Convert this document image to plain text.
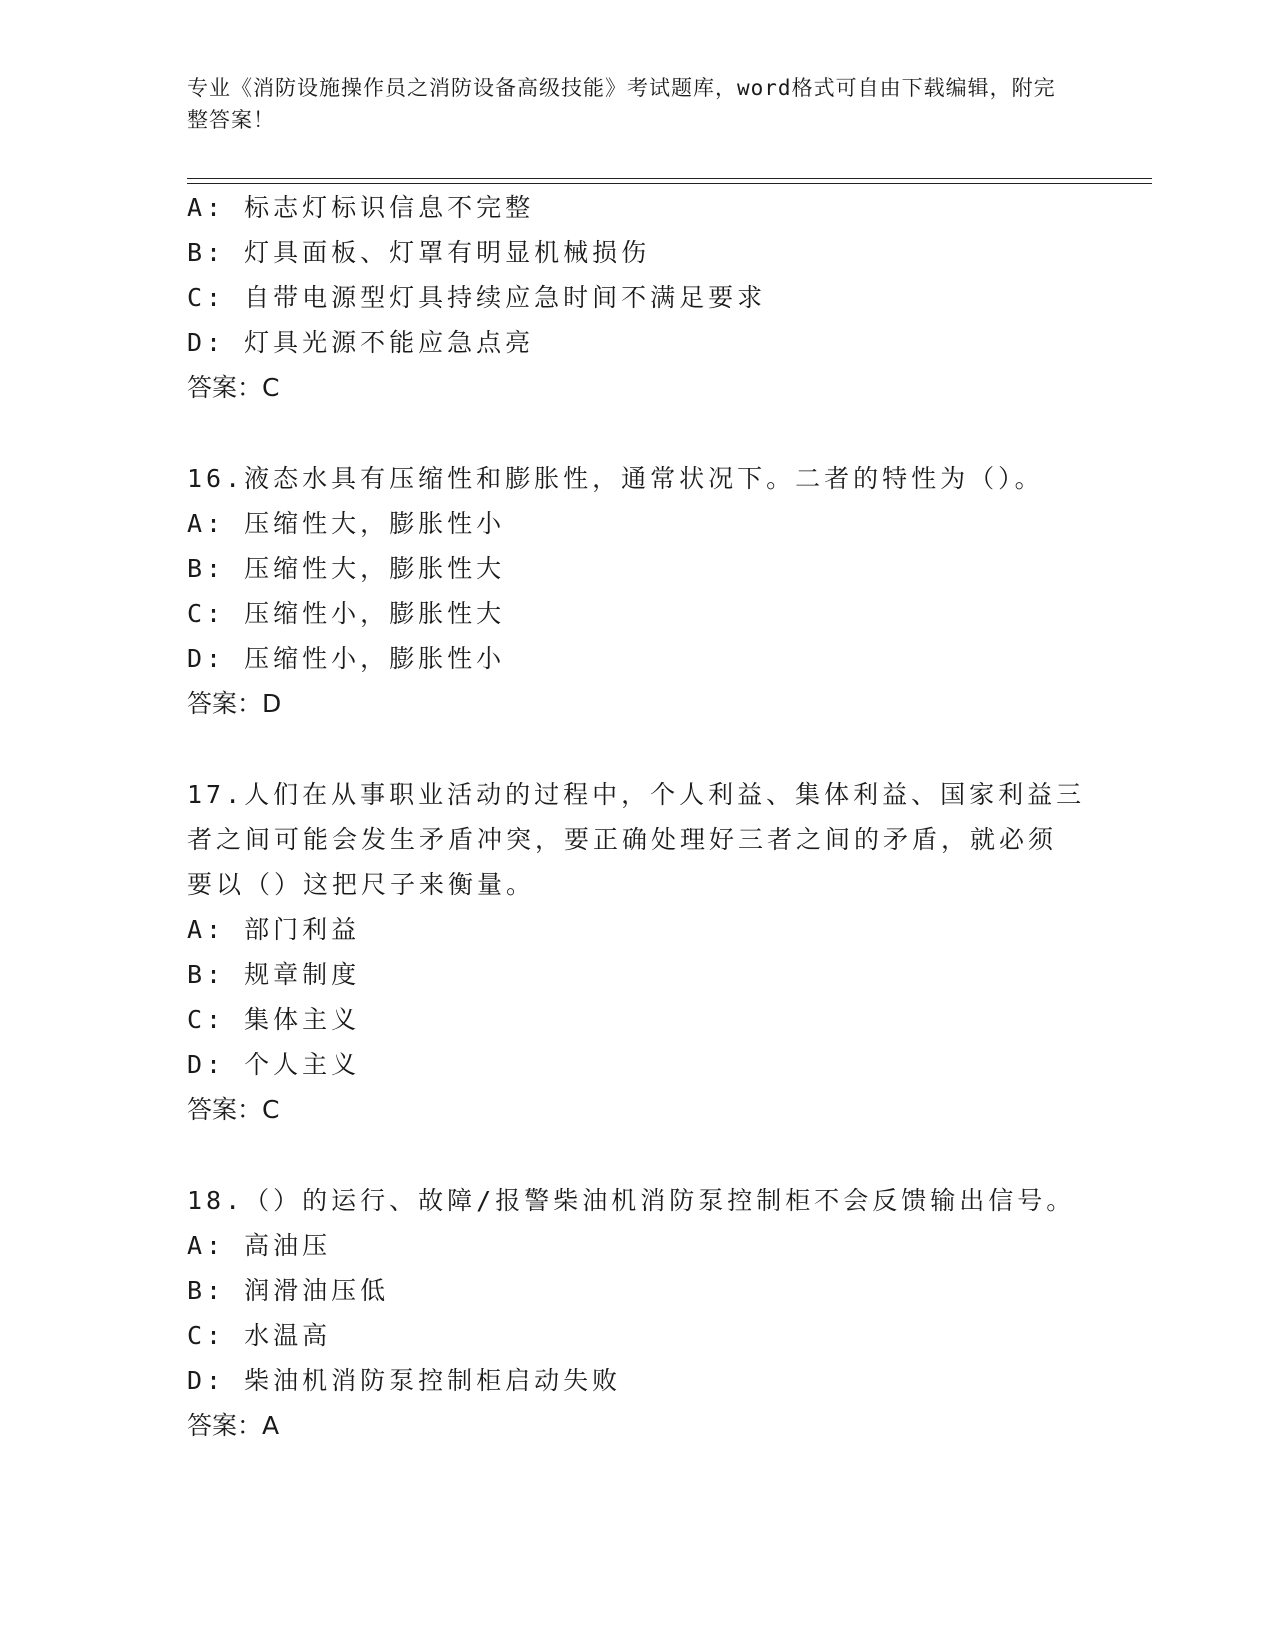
专业《消防设施操作员之消防设备高级技能》考试题库，word格式可自由下载编辑，附完整答案！
A: 标志灯标识信息不完整
B: 灯具面板、灯罩有明显机械损伤
C: 自带电源型灯具持续应急时间不满足要求
D: 灯具光源不能应急点亮
答案：C
16.液态水具有压缩性和膨胀性，通常状况下。二者的特性为（）。
A: 压缩性大，膨胀性小
B: 压缩性大，膨胀性大
C: 压缩性小，膨胀性大
D: 压缩性小，膨胀性小
答案：D
17.人们在从事职业活动的过程中，个人利益、集体利益、国家利益三
者之间可能会发生矛盾冲突，要正确处理好三者之间的矛盾，就必须
要以（）这把尺子来衡量。
A: 部门利益
B: 规章制度
C: 集体主义
D: 个人主义
答案：C
18.（）的运行、故障/报警柴油机消防泵控制柜不会反馈输出信号。
A: 高油压
B: 润滑油压低
C: 水温高
D: 柴油机消防泵控制柜启动失败
答案：A
